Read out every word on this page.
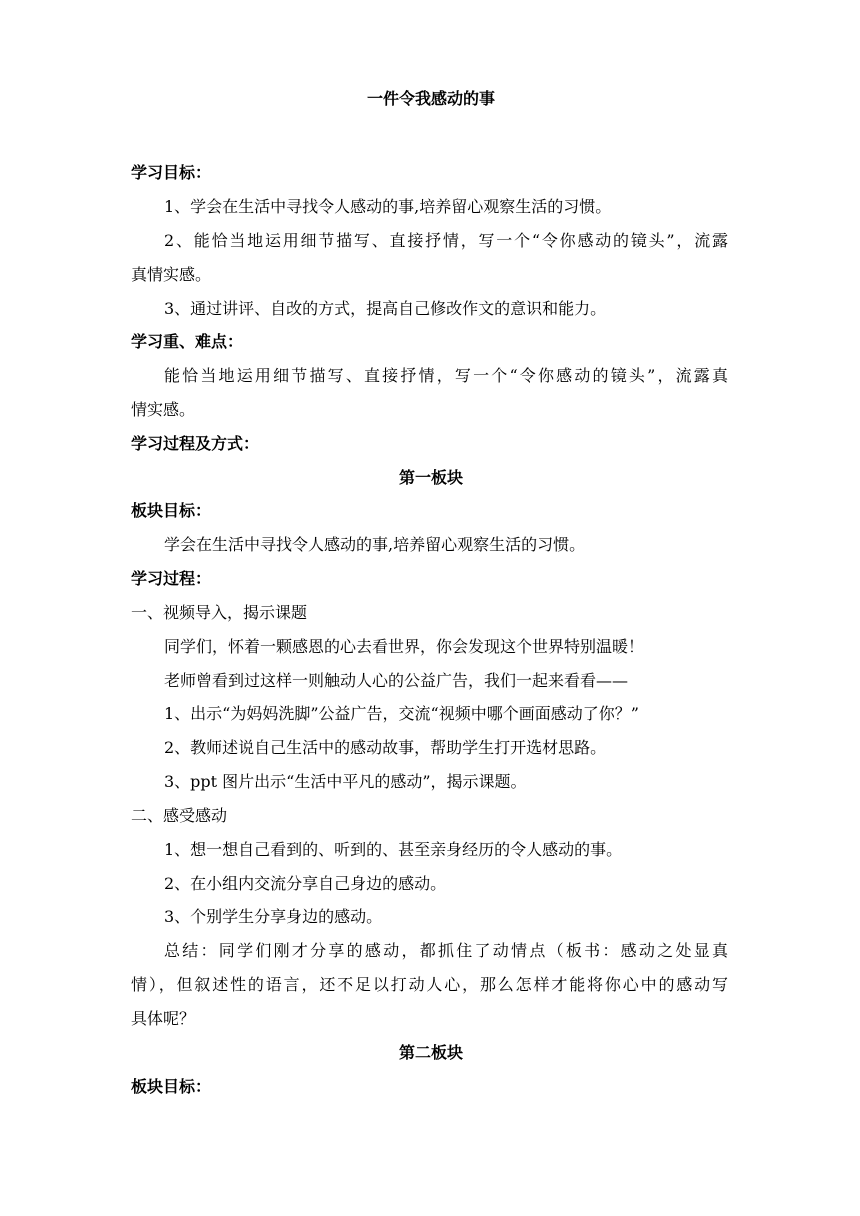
一件令我感动的事
学习目标：
1、学会在生活中寻找令人感动的事,培养留心观察生活的习惯。
2、能恰当地运用细节描写、直接抒情，写一个“令你感动的镜头”，流露
真情实感。
3、通过讲评、自改的方式，提高自己修改作文的意识和能力。
学习重、难点：
能恰当地运用细节描写、直接抒情，写一个“令你感动的镜头”，流露真
情实感。
学习过程及方式：
第一板块
板块目标：
学会在生活中寻找令人感动的事,培养留心观察生活的习惯。
学习过程：
一、视频导入，揭示课题
同学们，怀着一颗感恩的心去看世界，你会发现这个世界特别温暖！
老师曾看到过这样一则触动人心的公益广告，我们一起来看看——
1、出示“为妈妈洗脚”公益广告，交流“视频中哪个画面感动了你？”
2、教师述说自己生活中的感动故事，帮助学生打开选材思路。
3、ppt 图片出示“生活中平凡的感动”，揭示课题。
二、感受感动
1、想一想自己看到的、听到的、甚至亲身经历的令人感动的事。
2、在小组内交流分享自己身边的感动。
3、个别学生分享身边的感动。
总结：同学们刚才分享的感动，都抓住了动情点（板书：感动之处显真
情），但叙述性的语言，还不足以打动人心，那么怎样才能将你心中的感动写
具体呢？
第二板块
板块目标：
